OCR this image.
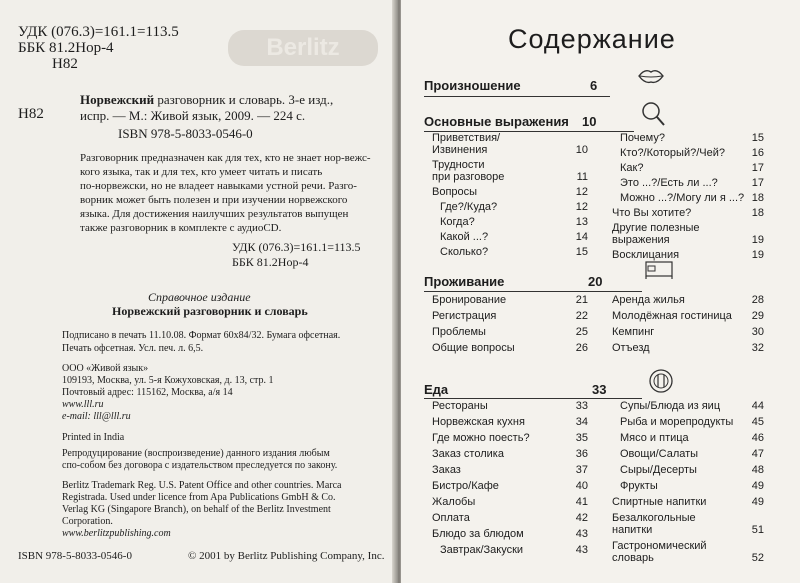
Berlitz
УДК (076.3)=161.1=113.5
ББК 81.2Нор-4
Н82
Н82
Норвежский разговорник и словарь. 3-е изд.,
испр. — М.: Живой язык, 2009. — 224 с.
ISBN 978-5-8033-0546-0
Разговорник предназначен как для тех, кто не знает нор-вежс-
кого языка, так и для тех, кто умеет читать и писать
по-норвежски, но не владеет навыками устной речи. Разго-
ворник может быть полезен и при изучении норвежского
языка. Для достижения наилучших результатов выпущен
также разговорник в комплекте с аудиоCD.
УДК (076.3)=161.1=113.5
ББК 81.2Нор-4
Справочное издание
Норвежский разговорник и словарь
Подписано в печать 11.10.08. Формат 60x84/32. Бумага офсетная.
Печать офсетная. Усл. печ. л. 6,5.
ООО «Живой язык»
109193, Москва, ул. 5-я Кожуховская, д. 13, стр. 1
Почтовый адрес: 115162, Москва, а/я 14
www.lll.ru
e-mail: lll@lll.ru
Printed in India
Репродуцирование (воспроизведение) данного издания любым
спо-собом без договора с издательством преследуется по закону.
Berlitz Trademark Reg. U.S. Patent Office and other countries. Marca
Registrada. Used under licence from Apa Publications GmbH & Co.
Verlag KG (Singapore Branch), on behalf of the Berlitz Investment
Corporation.
www.berlitzpublishing.com
ISBN 978-5-8033-0546-0	© 2001 by Berlitz Publishing Company, Inc.
Содержание
Произношение	6
Основные выражения 10
Приветствия/
Извинения	10
Трудности
при разговоре	11
Вопросы	12
Где?/Куда?	12
Когда?	13
Какой ...?	14
Сколько?	15
Почему?	15
Кто?/Который?/Чей?	16
Как?	17
Это ...?/Есть ли ...?	17
Можно ...?/Могу ли я ...? 18
Что Вы хотите?	18
Другие полезные
выражения	19
Восклицания	19
Проживание	20
Бронирование	21
Регистрация	22
Проблемы	25
Общие вопросы	26
Аренда жилья	28
Молодёжная гостиница	29
Кемпинг	30
Отъезд	32
Еда	33
Рестораны	33
Норвежская кухня	34
Где можно поесть?	35
Заказ столика	36
Заказ	37
Бистро/Кафе	40
Жалобы	41
Оплата	42
Блюдо за блюдом	43
Завтрак/Закуски	43
Супы/Блюда из яиц	44
Рыба и морепродукты	45
Мясо и птица	46
Овощи/Салаты	47
Сыры/Десерты	48
Фрукты	49
Спиртные напитки	49
Безалкогольные
напитки	51
Гастрономический
словарь	52
